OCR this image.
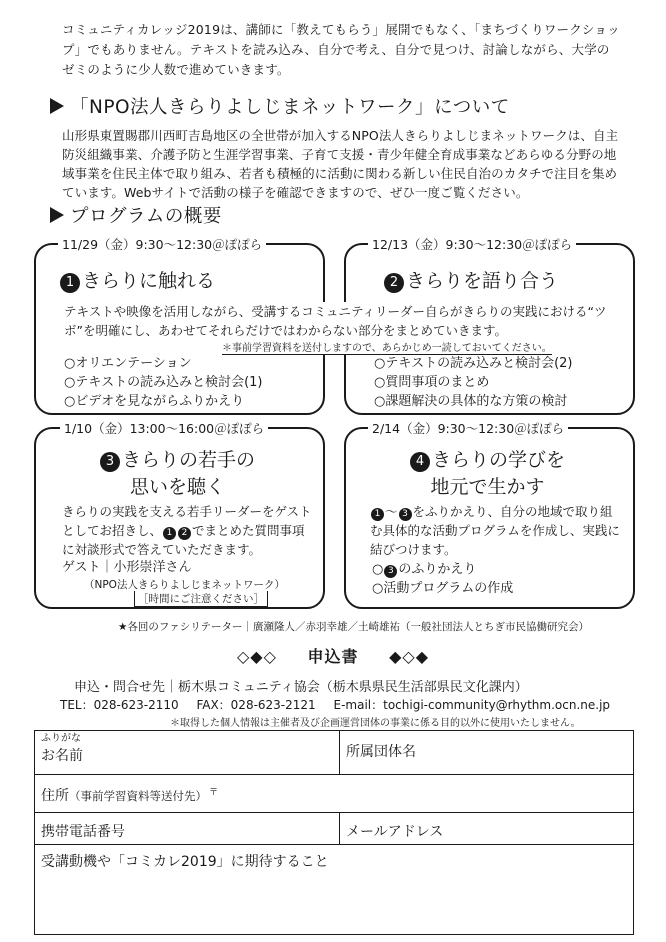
コミュニティカレッジ2019は、講師に「教えてもらう」展開でもなく、「まちづくりワークショップ」でもありません。テキストを読み込み、自分で考え、自分で見つけ、討論しながら、大学のゼミのように少人数で進めていきます。
「NPO法人きらりよしじまネットワーク」について
山形県東置賜郡川西町吉島地区の全世帯が加入するNPO法人きらりよしじまネットワークは、自主防災組織事業、介護予防と生涯学習事業、子育て支援・青少年健全育成事業などあらゆる分野の地域事業を住民主体で取り組み、若者も積極的に活動に関わる新しい住民自治のカタチで注目を集めています。Webサイトで活動の様子を確認できますので、ぜひ一度ご覧ください。
プログラムの概要
11/29（金）9:30～12:30＠ぽぽら
1 きらりに触れる
○オリエンテーション
○テキストの読み込みと検討会(1)
○ビデオを見ながらふりかえり
12/13（金）9:30～12:30＠ぽぽら
2 きらりを語り合う
○テキストの読み込みと検討会(2)
○質問事項のまとめ
○課題解決の具体的な方策の検討
テキストや映像を活用しながら、受講するコミュニティリーダー自らがきらりの実践における“ツボ”を明確にし、あわせてそれらだけではわからない部分をまとめていきます。
＊事前学習資料を送付しますので、あらかじめ一読しておいてください。
1/10（金）13:00～16:00＠ぽぽら
3 きらりの若手の
思いを聴く
きらりの実践を支える若手リーダーをゲストとしてお招きし、 1 2 でまとめた質問事項に対談形式で答えていただきます。
ゲスト｜小形崇洋さん
（NPO法人きらりよしじまネットワーク）
［時間にご注意ください］
2/14（金）9:30～12:30＠ぽぽら
4 きらりの学びを
地元で生かす
1 ～ 3 をふりかえり、自分の地域で取り組む具体的な活動プログラムを作成し、実践に結びつけます。
○ 3 のふりかえり
○活動プログラムの作成
★各回のファシリテーター｜廣瀬隆人／赤羽幸雄／土崎雄祐（一般社団法人とちぎ市民協働研究会）
◇◆◇ 申込書 ◆◇◆
申込・問合せ先｜栃木県コミュニティ協会（栃木県県民生活部県民文化課内）
TEL：028-623-2110 FAX：028-623-2121 E-mail：tochigi-community@rhythm.ocn.ne.jp
＊取得した個人情報は主催者及び企画運営団体の事業に係る目的以外に使用いたしません。
ふりがな
お名前	所属団体名

住所（事前学習資料等送付先） 〒

携帯電話番号	メールアドレス

受講動機や「コミカレ2019」に期待すること	
